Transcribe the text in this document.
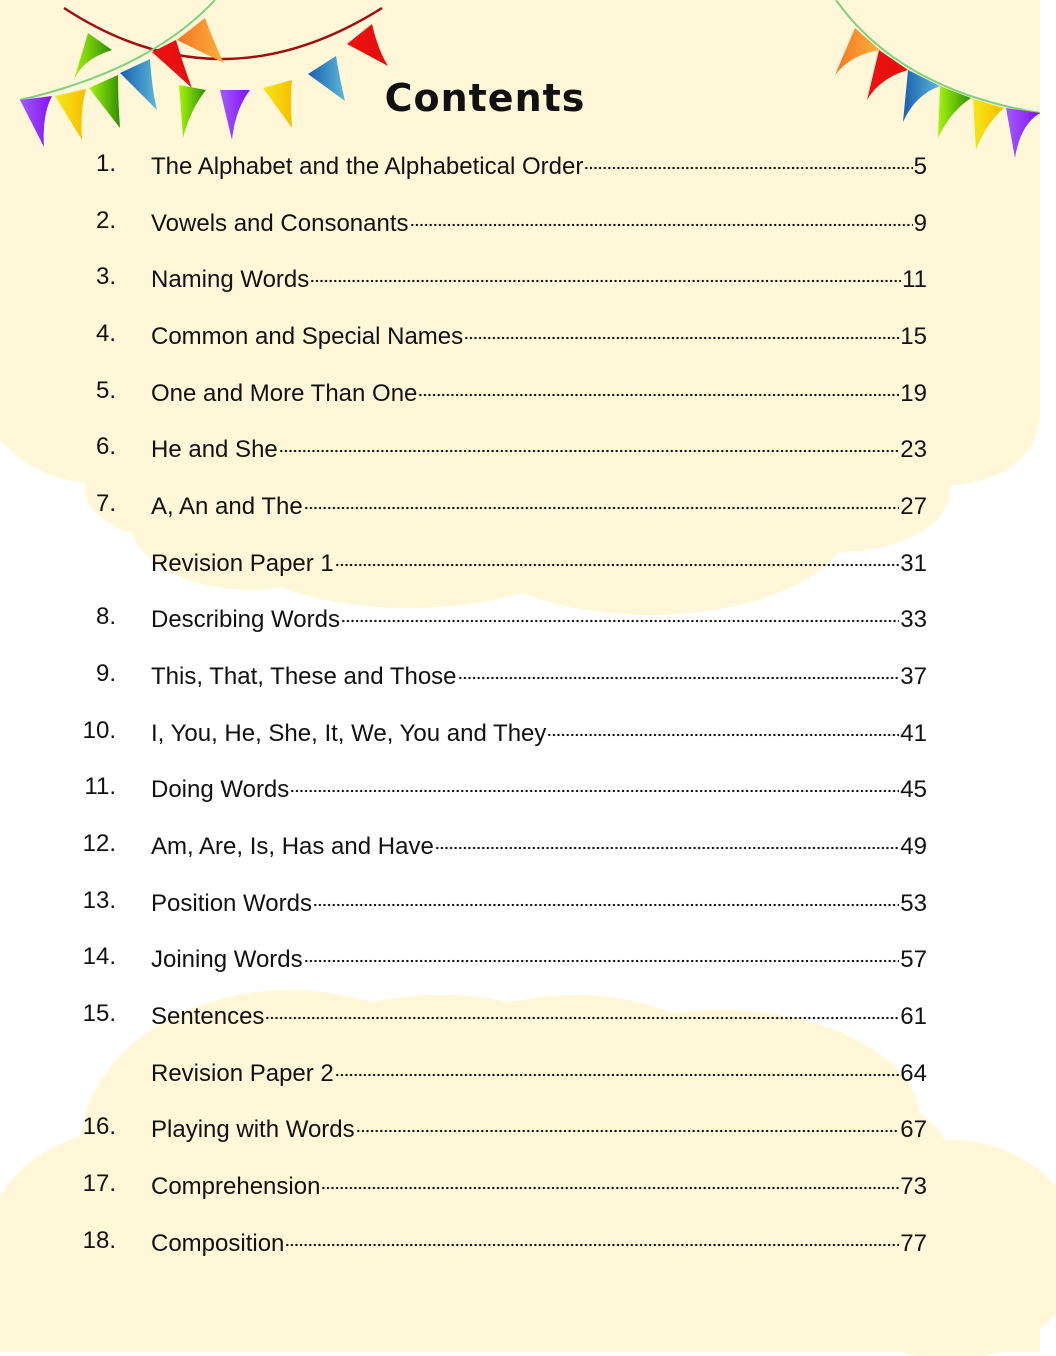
Contents
1. The Alphabet and the Alphabetical Order	5
2. Vowels and Consonants	9
3. Naming Words	11
4. Common and Special Names	15
5. One and More Than One	19
6. He and She	23
7. A, An and The	27
Revision Paper 1	31
8. Describing Words	33
9. This, That, These and Those	37
10. I, You, He, She, It, We, You and They	41
11. Doing Words	45
12. Am, Are, Is, Has and Have	49
13. Position Words	53
14. Joining Words	57
15. Sentences	61
Revision Paper 2	64
16. Playing with Words	67
17. Comprehension	73
18. Composition	77
